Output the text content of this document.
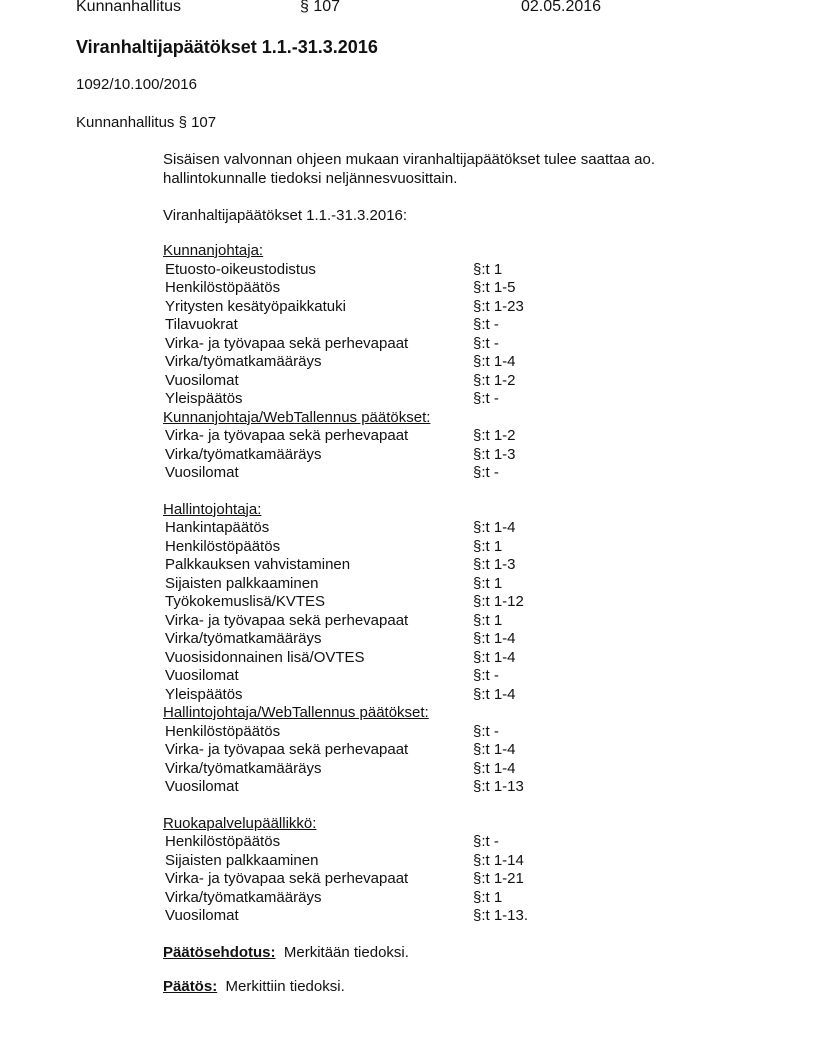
Kunnanhallitus	§ 107	02.05.2016
Viranhaltijapäätökset 1.1.-31.3.2016
1092/10.100/2016
Kunnanhallitus § 107

Sisäisen valvonnan ohjeen mukaan viranhaltijapäätökset tulee saattaa ao.

hallintokunnalle tiedoksi neljännesvuosittain.

Viranhaltijapäätökset 1.1.-31.3.2016:

Kunnanjohtaja:
Etuosto-oikeustodistus	§:t 1
Henkilöstöpäätös	§:t 1-5
Yritysten kesätyöpaikkatuki	§:t 1-23
Tilavuokrat	§:t -
Virka- ja työvapaa sekä perhevapaat	§:t -
Virka/työmatkamääräys	§:t 1-4
Vuosilomat	§:t 1-2
Yleispäätös	§:t -
Kunnanjohtaja/WebTallennus päätökset:
Virka- ja työvapaa sekä perhevapaat	§:t 1-2
Virka/työmatkamääräys	§:t 1-3
Vuosilomat	§:t -
Hallintojohtaja:
Hankintapäätös	§:t 1-4
Henkilöstöpäätös	§:t 1
Palkkauksen vahvistaminen	§:t 1-3
Sijaisten palkkaaminen	§:t 1
Työkokemuslisä/KVTES	§:t 1-12
Virka- ja työvapaa sekä perhevapaat	§:t 1
Virka/työmatkamääräys	§:t 1-4
Vuosisidonnainen lisä/OVTES	§:t 1-4
Vuosilomat	§:t -
Yleispäätös	§:t 1-4
Hallintojohtaja/WebTallennus päätökset:
Henkilöstöpäätös	§:t -
Virka- ja työvapaa sekä perhevapaat	§:t 1-4
Virka/työmatkamääräys	§:t 1-4
Vuosilomat	§:t 1-13
Ruokapalvelupäällikkö:
Henkilöstöpäätös	§:t -
Sijaisten palkkaaminen	§:t 1-14
Virka- ja työvapaa sekä perhevapaat	§:t 1-21
Virka/työmatkamääräys	§:t 1
Vuosilomat	§:t 1-13.
Päätösehdotus: Merkitään tiedoksi.
Päätös: Merkittiin tiedoksi.
